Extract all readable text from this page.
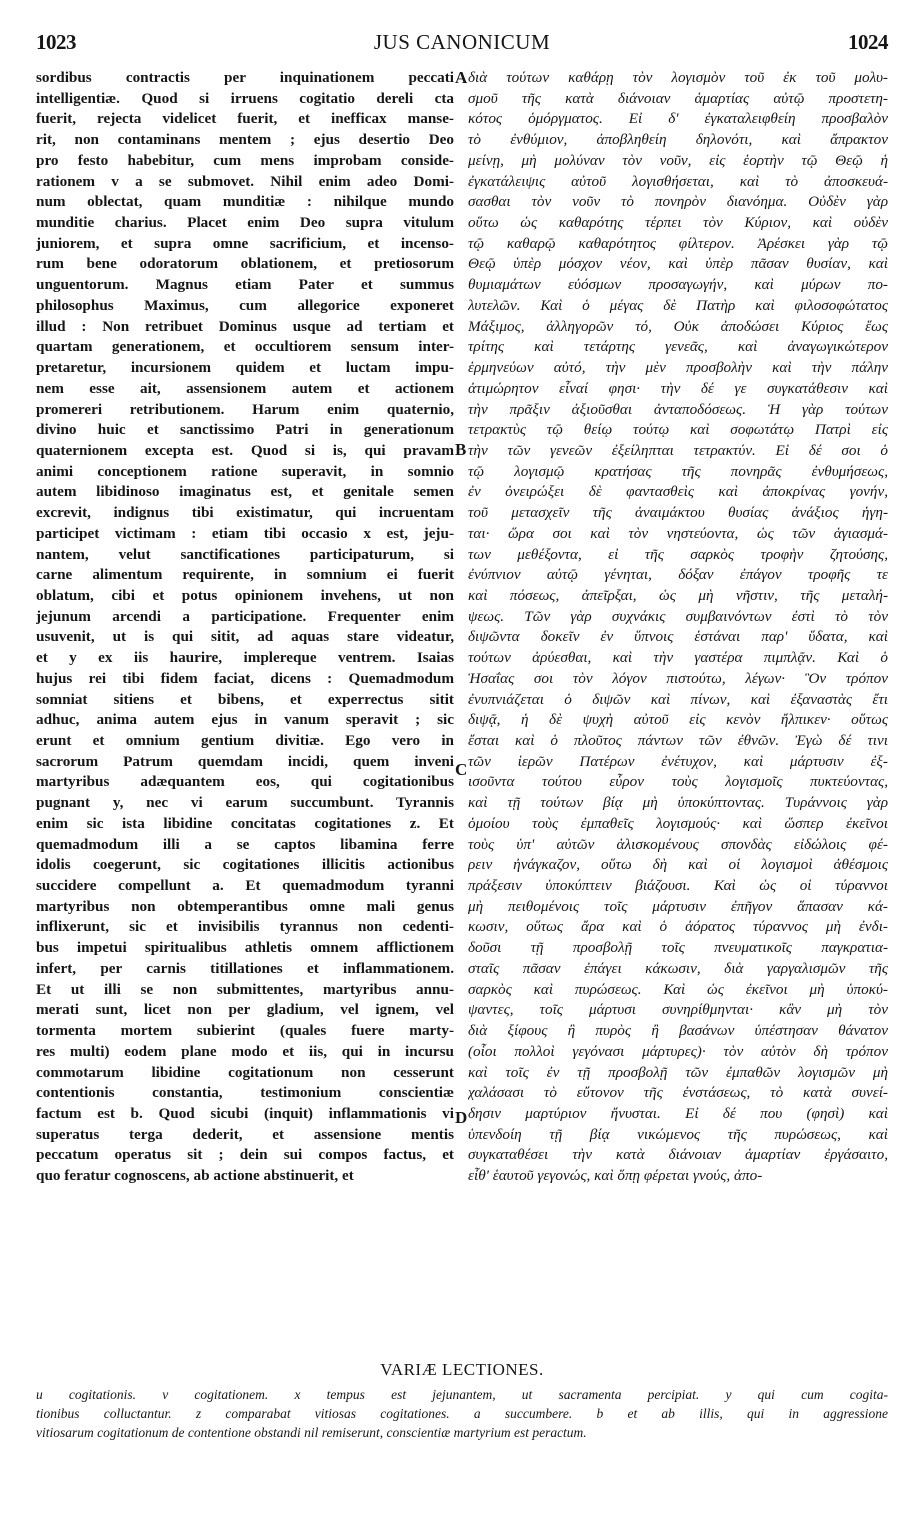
1023	JUS CANONICUM	1024
sordibus contractis per inquinationem peccati
intelligentiæ. Quod si irruens cogitatio dereli cta
fuerit, rejecta videlicet fuerit, et inefficax manse-
rit, non contaminans mentem ; ejus desertio Deo
pro festo habebitur, cum mens improbam conside-
rationem v a se submovet. Nihil enim adeo Domi-
num oblectat, quam munditiæ : nihilque mundo
munditie charius. Placet enim Deo supra vitulum
juniorem, et supra omne sacrificium, et incenso-
rum bene odoratorum oblationem, et pretiosorum
unguentorum. Magnus etiam Pater et summus
philosophus Maximus, cum allegorice exponeret
illud : Non retribuet Dominus usque ad tertiam et
quartam generationem, et occultiorem sensum inter-
pretaretur, incursionem quidem et luctam impu-
nem esse ait, assensionem autem et actionem
promereri retributionem. Harum enim quaternio,
divino huic et sanctissimo Patri in generationum
quaternionem excepta est. Quod si is, qui pravam
animi conceptionem ratione superavit, in somnio
autem libidinoso imaginatus est, et genitale semen
excrevit, indignus tibi existimatur, qui incruentam
participet victimam : etiam tibi occasio x est, jeju-
nantem, velut sanctificationes participaturum, si
carne alimentum requirente, in somnium ei fuerit
oblatum, cibi et potus opinionem invehens, ut non
jejunum arcendi a participatione. Frequenter enim
usuvenit, ut is qui sitit, ad aquas stare videatur,
et y ex iis haurire, implereque ventrem. Isaias
hujus rei tibi fidem faciat, dicens : Quemadmodum
somniat sitiens et bibens, et experrectus sitit
adhuc, anima autem ejus in vanum speravit ; sic
erunt et omnium gentium divitiæ. Ego vero in
sacrorum Patrum quemdam incidi, quem inveni
martyribus adæquantem eos, qui cogitationibus
pugnant y, nec vi earum succumbunt. Tyrannis
enim sic ista libidine concitatas cogitationes z. Et
quemadmodum illi a se captos libamina ferre
idolis coegerunt, sic cogitationes illicitis actionibus
succidere compellunt a. Et quemadmodum tyranni
martyribus non obtemperantibus omne mali genus
inflixerunt, sic et invisibilis tyrannus non cedenti-
bus impetui spiritualibus athletis omnem afflictionem
infert, per carnis titillationes et inflammationem.
Et ut illi se non submittentes, martyribus annu-
merati sunt, licet non per gladium, vel ignem, vel
tormenta mortem subierint (quales fuere marty-
res multi) eodem plane modo et iis, qui in incursu
commotarum libidine cogitationum non cesserunt
contentionis constantia, testimonium conscientiæ
factum est b. Quod sicubi (inquit) inflammationis vi
superatus terga dederit, et assensione mentis
peccatum operatus sit ; dein sui compos factus, et
quo feratur cognoscens, ab actione abstinuerit, et
διὰ τούτων καθάρῃ τὸν λογισμὸν τοῦ ἐκ τοῦ μολυ-
σμοῦ τῆς κατὰ διάνοιαν ἁμαρτίας αὐτῷ προστετη-
κότος ὁμόργματος. Εἰ δ' ἐγκαταλειφθείη προσβαλὸν
τὸ ἐνθύμιον, ἀποβληθείη δηλονότι, καὶ ἄπρακτον
μείνῃ, μὴ μολύναν τὸν νοῦν, εἰς ἑορτὴν τῷ Θεῷ ἡ
ἐγκατάλειψις αὐτοῦ λογισθήσεται, καὶ τὸ ἀποσκευά-
σασθαι τὸν νοῦν τὸ πονηρὸν διανόημα. Οὐδὲν γὰρ
οὕτω ὡς καθαρότης τέρπει τὸν Κύριον, καὶ οὐδὲν
τῷ καθαρῷ καθαρότητος φίλτερον. Ἀρέσκει γὰρ τῷ
Θεῷ ὑπὲρ μόσχον νέον, καὶ ὑπὲρ πᾶσαν θυσίαν, καὶ
θυμιαμάτων εὐόσμων προσαγωγήν, καὶ μύρων πο-
λυτελῶν. Καὶ ὁ μέγας δὲ Πατὴρ καὶ φιλοσοφώτατος
Μάξιμος, ἀλληγορῶν τό, Οὐκ ἀποδώσει Κύριος ἕως
τρίτης καὶ τετάρτης γενεᾶς, καὶ ἀναγωγικώτερον
ἑρμηνεύων αὐτό, τὴν μὲν προσβολὴν καὶ τὴν πάλην
ἀτιμώρητον εἶναί φησι· τὴν δέ γε συγκατάθεσιν καὶ
τὴν πρᾶξιν ἀξιοῦσθαι ἀνταποδόσεως. Ἡ γὰρ τούτων
τετρακτὺς τῷ θείῳ τούτῳ καὶ σοφωτάτῳ Πατρὶ εἰς
τὴν τῶν γενεῶν ἐξείληπται τετρακτύν. Εἰ δέ σοι ὁ
τῷ λογισμῷ κρατήσας τῆς πονηρᾶς ἐνθυμήσεως,
ἐν ὀνειρώξει δὲ φαντασθεὶς καὶ ἀποκρίνας γονήν,
τοῦ μετασχεῖν τῆς ἀναιμάκτου θυσίας ἀνάξιος ἡγη-
ται· ὥρα σοι καὶ τὸν νηστεύοντα, ὡς τῶν ἁγιασμά-
των μεθέξοντα, εἰ τῆς σαρκὸς τροφὴν ζητούσης,
ἐνύπνιον αὐτῷ γένηται, δόξαν ἐπάγον τροφῆς τε
καὶ πόσεως, ἀπεῖρξαι, ὡς μὴ νῆστιν, τῆς μεταλή-
ψεως. Τῶν γὰρ συχνάκις συμβαινόντων ἐστὶ τὸ τὸν
διψῶντα δοκεῖν ἐν ὕπνοις ἑστάναι παρ' ὕδατα, καὶ
τούτων ἀρύεσθαι, καὶ τὴν γαστέρα πιμπλᾷν. Καὶ ὁ
Ἡσαΐας σοι τὸν λόγον πιστούτω, λέγων· Ὃν τρόπον
ἐνυπνιάζεται ὁ διψῶν καὶ πίνων, καὶ ἐξαναστὰς ἔτι
διψᾷ, ἡ δὲ ψυχὴ αὐτοῦ εἰς κενὸν ἤλπικεν· οὕτως
ἔσται καὶ ὁ πλοῦτος πάντων τῶν ἐθνῶν. Ἐγὼ δέ τινι
τῶν ἱερῶν Πατέρων ἐνέτυχον, καὶ μάρτυσιν ἐξ-
ισοῦντα τούτου εὗρον τοὺς λογισμοῖς πυκτεύοντας,
καὶ τῇ τούτων βίᾳ μὴ ὑποκύπτοντας. Τυράννοις γὰρ
ὁμοίου τοὺς ἐμπαθεῖς λογισμούς· καὶ ὥσπερ ἐκεῖνοι
τοὺς ὑπ' αὐτῶν ἁλισκομένους σπονδὰς εἰδώλοις φέ-
ρειν ἠνάγκαζον, οὕτω δὴ καὶ οἱ λογισμοὶ ἀθέσμοις
πράξεσιν ὑποκύπτειν βιάζουσι. Καὶ ὡς οἱ τύραννοι
μὴ πειθομένοις τοῖς μάρτυσιν ἐπῆγον ἅπασαν κά-
κωσιν, οὕτως ἄρα καὶ ὁ ἀόρατος τύραννος μὴ ἐνδι-
δοῦσι τῇ προσβολῇ τοῖς πνευματικοῖς παγκρατια-
σταῖς πᾶσαν ἐπάγει κάκωσιν, διὰ γαργαλισμῶν τῆς
σαρκὸς καὶ πυρώσεως. Καὶ ὡς ἐκεῖνοι μὴ ὑποκύ-
ψαντες, τοῖς μάρτυσι συνηρίθμηνται· κἂν μὴ τὸν
διὰ ξίφους ἢ πυρὸς ἢ βασάνων ὑπέστησαν θάνατον
(οἷοι πολλοὶ γεγόνασι μάρτυρες)· τὸν αὐτὸν δὴ τρόπον
καὶ τοῖς ἐν τῇ προσβολῇ τῶν ἐμπαθῶν λογισμῶν μὴ
χαλάσασι τὸ εὔτονον τῆς ἐνστάσεως, τὸ κατὰ συνεί-
δησιν μαρτύριον ἤνυσται. Εἰ δέ που (φησὶ) καὶ
ὑπενδοίη τῇ βίᾳ νικώμενος τῆς πυρώσεως, καὶ
συγκαταθέσει τὴν κατὰ διάνοιαν ἁμαρτίαν ἐργάσαιτο,
εἶθ' ἑαυτοῦ γεγονώς, καὶ ὅπῃ φέρεται γνούς, ἀπο-
A
B
C
D
VARIÆ LECTIONES.
u cogitationis. v cogitationem. x tempus est jejunantem, ut sacramenta percipiat. y qui cum cogita-
tionibus colluctantur. z comparabat vitiosas cogitationes. a succumbere. b et ab illis, qui in aggressione
vitiosarum cogitationum de contentione obstandi nil remiserunt, conscientiæ martyrium est peractum.
